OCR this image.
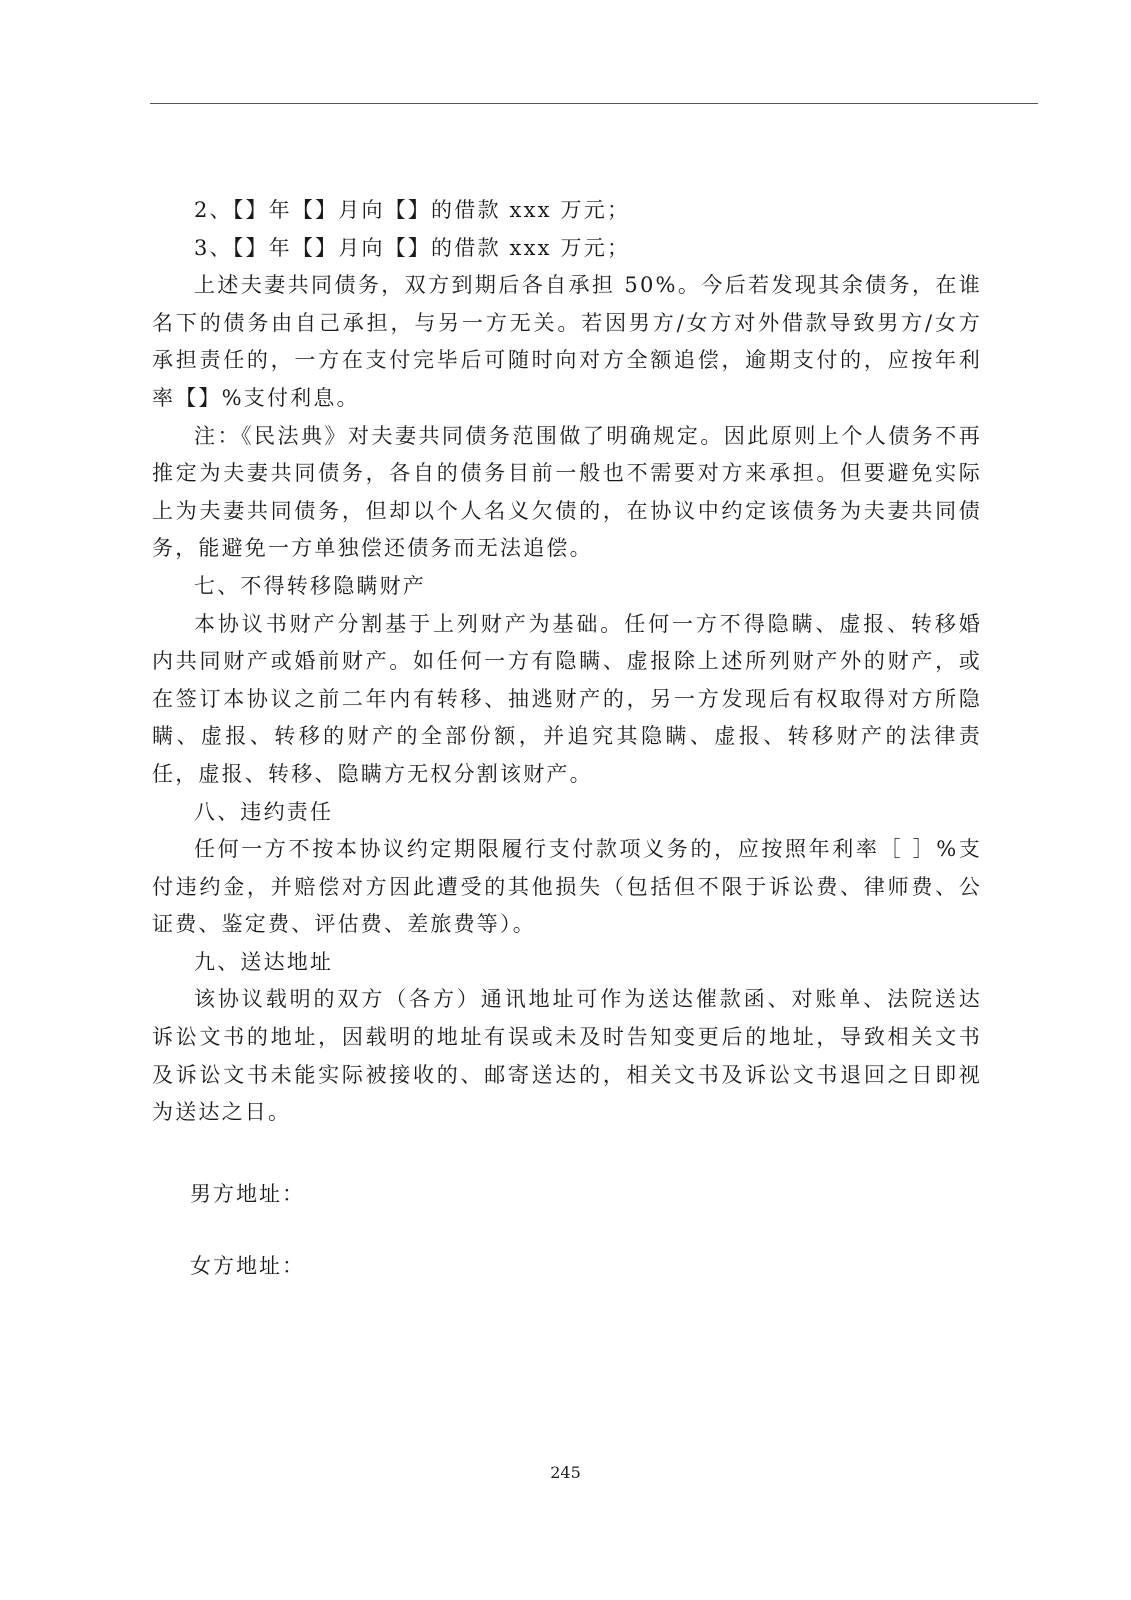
2、【】年【】月向【】的借款 xxx 万元；

3、【】年【】月向【】的借款 xxx 万元；

上述夫妻共同债务，双方到期后各自承担 50%。今后若发现其余债务，在谁名下的债务由自己承担，与另一方无关。若因男方/女方对外借款导致男方/女方承担责任的，一方在支付完毕后可随时向对方全额追偿，逾期支付的，应按年利率【】%支付利息。

注：《民法典》对夫妻共同债务范围做了明确规定。因此原则上个人债务不再推定为夫妻共同债务，各自的债务目前一般也不需要对方来承担。但要避免实际上为夫妻共同债务，但却以个人名义欠债的，在协议中约定该债务为夫妻共同债务，能避免一方单独偿还债务而无法追偿。

七、不得转移隐瞒财产

本协议书财产分割基于上列财产为基础。任何一方不得隐瞒、虚报、转移婚内共同财产或婚前财产。如任何一方有隐瞒、虚报除上述所列财产外的财产，或在签订本协议之前二年内有转移、抽逃财产的，另一方发现后有权取得对方所隐瞒、虚报、转移的财产的全部份额，并追究其隐瞒、虚报、转移财产的法律责任，虚报、转移、隐瞒方无权分割该财产。

八、违约责任

任何一方不按本协议约定期限履行支付款项义务的，应按照年利率［ ］%支付违约金，并赔偿对方因此遭受的其他损失（包括但不限于诉讼费、律师费、公证费、鉴定费、评估费、差旅费等）。

九、送达地址

该协议载明的双方（各方）通讯地址可作为送达催款函、对账单、法院送达诉讼文书的地址，因载明的地址有误或未及时告知变更后的地址，导致相关文书及诉讼文书未能实际被接收的、邮寄送达的，相关文书及诉讼文书退回之日即视为送达之日。

男方地址：
女方地址：
245
